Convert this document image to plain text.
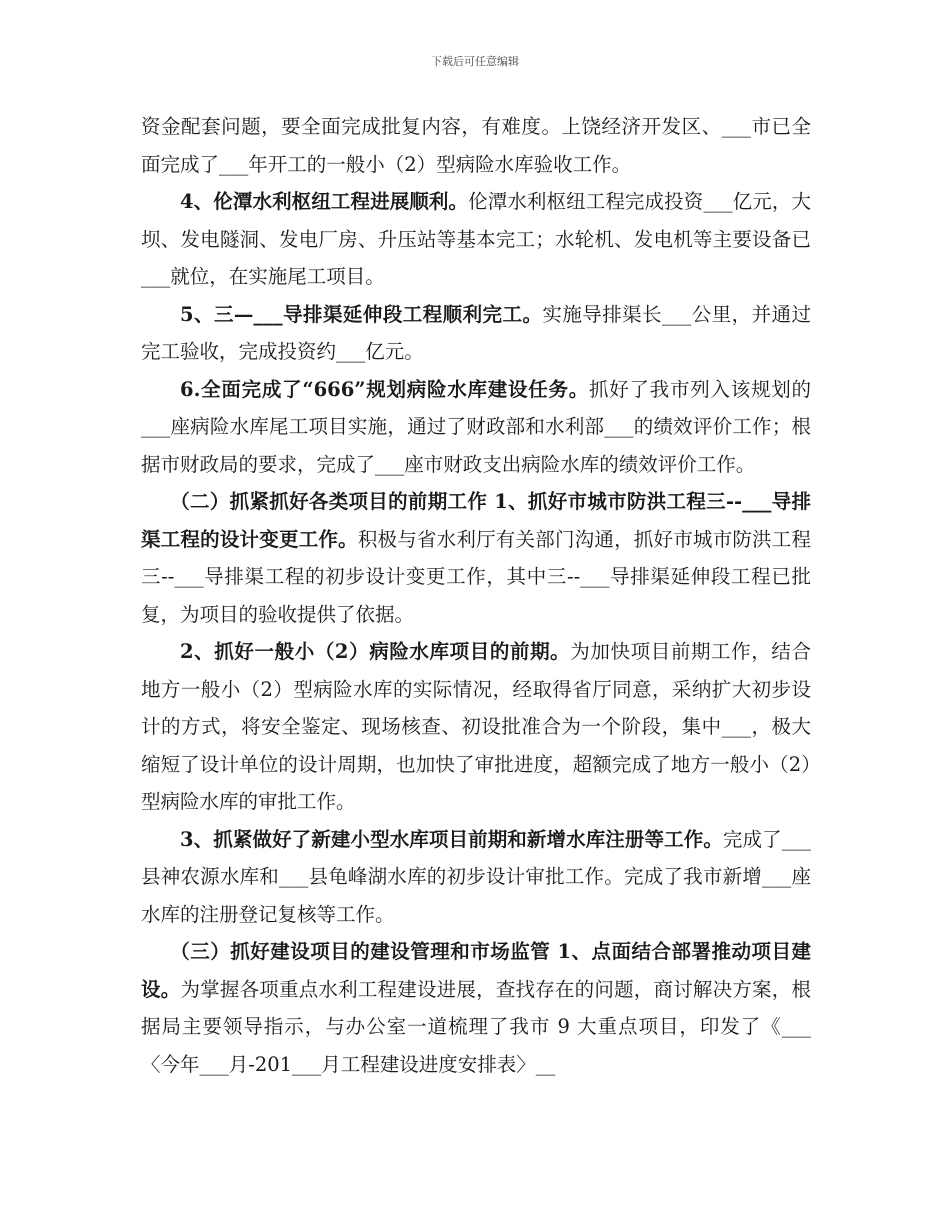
下载后可任意编辑

资金配套问题，要全面完成批复内容，有难度。上饶经济开发区、___市已全面完成了___年开工的一般小（2）型病险水库验收工作。

4、伦潭水利枢纽工程进展顺利。伦潭水利枢纽工程完成投资___亿元，大坝、发电隧洞、发电厂房、升压站等基本完工；水轮机、发电机等主要设备已___就位，在实施尾工项目。

5、三—___导排渠延伸段工程顺利完工。实施导排渠长___公里，并通过完工验收，完成投资约___亿元。

6.全面完成了“666”规划病险水库建设任务。抓好了我市列入该规划的___座病险水库尾工项目实施，通过了财政部和水利部___的绩效评价工作；根据市财政局的要求，完成了___座市财政支出病险水库的绩效评价工作。

（二）抓紧抓好各类项目的前期工作 1、抓好市城市防洪工程三--___导排渠工程的设计变更工作。积极与省水利厅有关部门沟通，抓好市城市防洪工程三--___导排渠工程的初步设计变更工作，其中三--___导排渠延伸段工程已批复，为项目的验收提供了依据。

2、抓好一般小（2）病险水库项目的前期。为加快项目前期工作，结合地方一般小（2）型病险水库的实际情况，经取得省厅同意，采纳扩大初步设计的方式，将安全鉴定、现场核查、初设批准合为一个阶段，集中___，极大缩短了设计单位的设计周期，也加快了审批进度，超额完成了地方一般小（2）型病险水库的审批工作。

3、抓紧做好了新建小型水库项目前期和新增水库注册等工作。完成了___县神农源水库和___县龟峰湖水库的初步设计审批工作。完成了我市新增___座水库的注册登记复核等工作。

（三）抓好建设项目的建设管理和市场监管 1、点面结合部署推动项目建设。为掌握各项重点水利工程建设进展，查找存在的问题，商讨解决方案，根据局主要领导指示，与办公室一道梳理了我市 9 大重点项目，印发了《___〈今年___月-201___月工程建设进度安排表〉__
